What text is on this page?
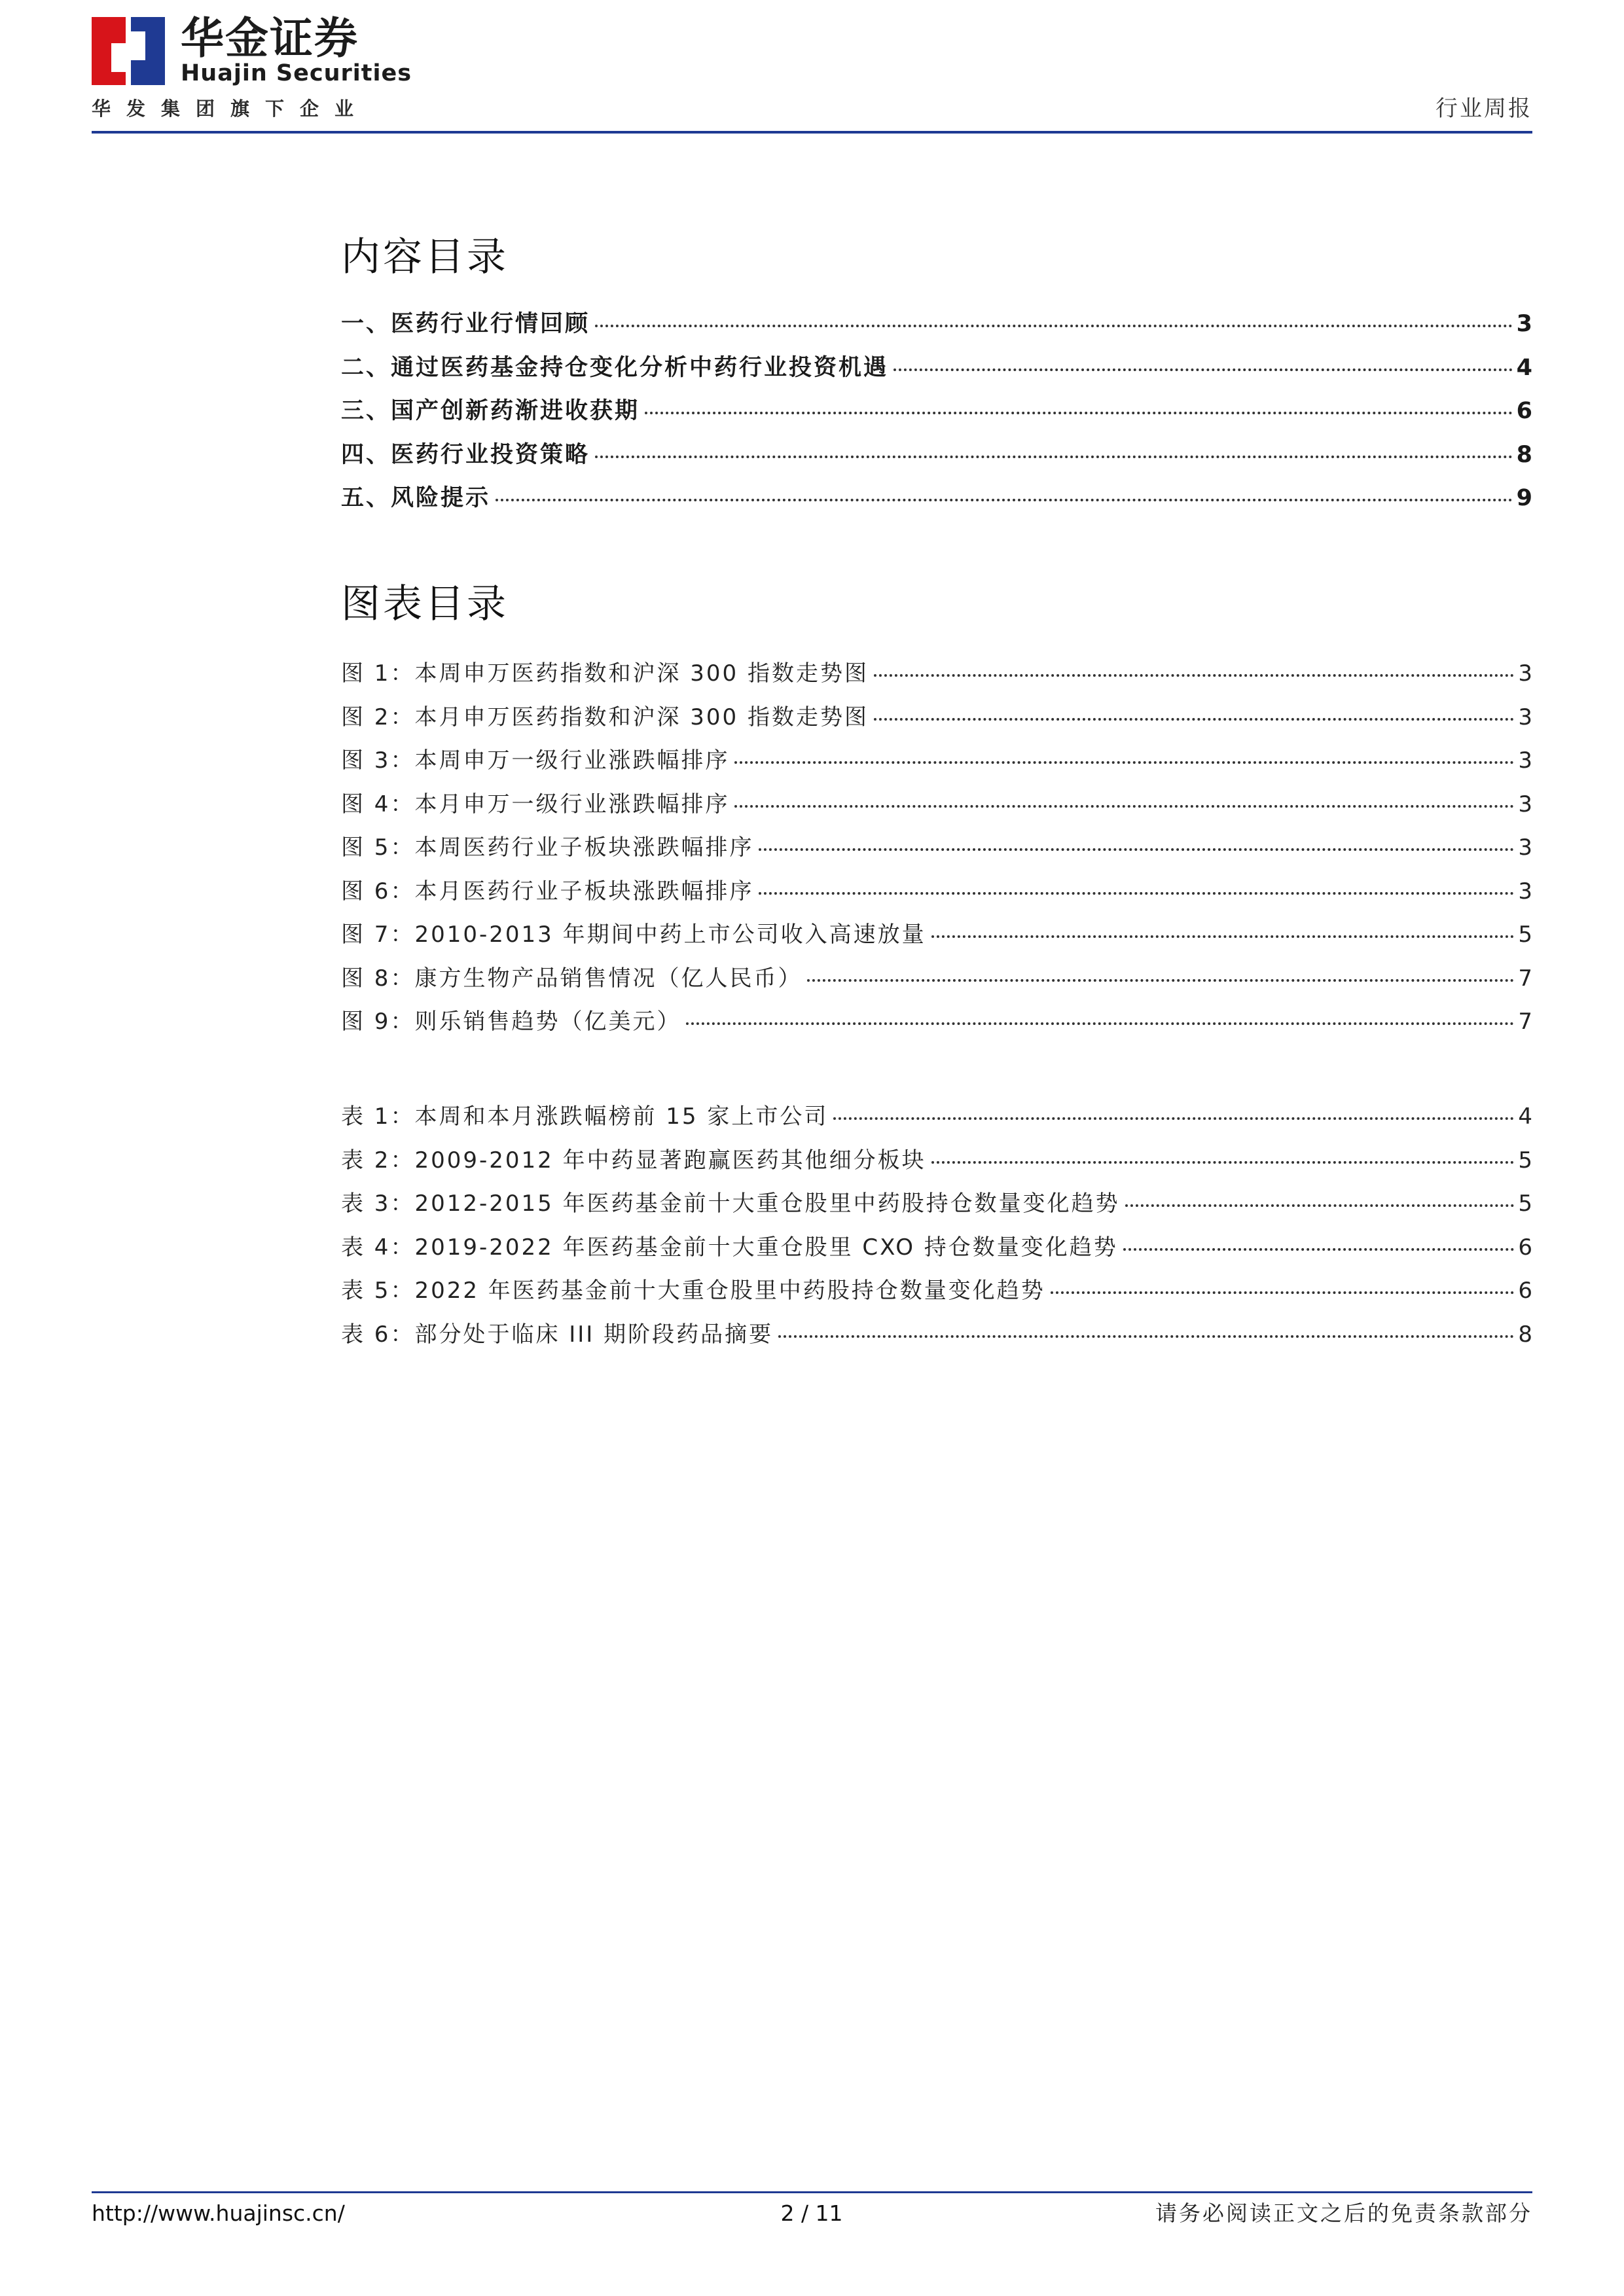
华金证券
Huajin Securities
华发集团旗下企业	行业周报
内容目录
一、医药行业行情回顾	3
二、通过医药基金持仓变化分析中药行业投资机遇	4
三、国产创新药渐进收获期	6
四、医药行业投资策略	8
五、风险提示	9
图表目录
图 1：本周申万医药指数和沪深 300 指数走势图	3
图 2：本月申万医药指数和沪深 300 指数走势图	3
图 3：本周申万一级行业涨跌幅排序	3
图 4：本月申万一级行业涨跌幅排序	3
图 5：本周医药行业子板块涨跌幅排序	3
图 6：本月医药行业子板块涨跌幅排序	3
图 7：2010-2013 年期间中药上市公司收入高速放量	5
图 8：康方生物产品销售情况（亿人民币）	7
图 9：则乐销售趋势（亿美元）	7
表 1：本周和本月涨跌幅榜前 15 家上市公司	4
表 2：2009-2012 年中药显著跑赢医药其他细分板块	5
表 3：2012-2015 年医药基金前十大重仓股里中药股持仓数量变化趋势	5
表 4：2019-2022 年医药基金前十大重仓股里 CXO 持仓数量变化趋势	6
表 5：2022 年医药基金前十大重仓股里中药股持仓数量变化趋势	6
表 6：部分处于临床 III 期阶段药品摘要	8
http://www.huajinsc.cn/	2 / 11	请务必阅读正文之后的免责条款部分
